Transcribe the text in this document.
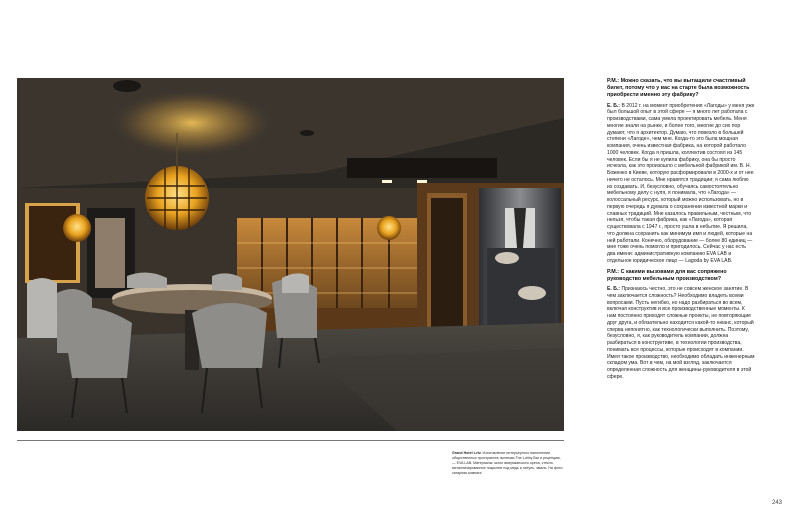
Grand Hotel Lviv. Изготовление интерьерного наполнения общественных пространств, включая The Lobby Bar и рецепцию, — EVA LAB. Материалы: шпон американского ореха, стекло, металлизированное покрытие под медь и латунь, эмаль. На фото: сигарная комната
Р.М.: Можно сказать, что вы вытащили счастливый билет, потому что у вас на старте была возможность приобрести именно эту фабрику?
Е. Б.: В 2012 г. на момент приобретения «Лагоды» у меня уже был большой опыт в этой сфере — я много лет работала с производствами, сама умела проектировать мебель. Меня многие знали на рынке, и более того, многие до сих пор думают, что я архитектор. Думаю, что повезло в большей степени «Лагоде», чем мне. Когда-то это была мощная компания, очень известная фабрика, на которой работало 1000 человек. Когда я пришла, коллектив состоял из 145 человек. Если бы я не купила фабрику, она бы просто исчезла, как это произошло с мебельной фабрикой им. В. Н. Боженко в Киеве, которую расформировали в 2000-х и от нее ничего не осталось. Мне нравятся традиции; я сама люблю их создавать. И, безусловно, обучаясь самостоятельно мебельному делу с нуля, я понимала, что «Лагода» — колоссальный ресурс, который можно использовать, но в первую очередь я думала о сохранении известной марки и славных традиций. Мне казалось правильным, честным, что нельзя, чтобы такая фабрика, как «Лагода», которая существовала с 1947 г., просто ушла в небытие. Я решила, что должна сохранить как минимум имя и людей, которые на ней работали. Конечно, оборудование — более 80 единиц — мне тоже очень помогло и пригодилось. Сейчас у нас есть два имени: административную компанию EVA LAB и отдельное юридическое лицо — Lagoda by EVA LAB.
Р.М.: С какими вызовами для вас сопряжено руководство мебельным производством?
Е. Б.: Признаюсь честно, это не совсем женское занятие. В чем заключается сложность? Необходимо владеть всеми вопросами. Пусть негибко, но надо разбираться во всем, включая конструктив и все производственные моменты. К нам постоянно приходят сложные проекты, не повторяющие друг друга, и обязательно находится какой-то нюанс, который сперва непонятно, как технологически выполнить. Поэтому, безусловно, я, как руководитель компании, должна разбираться в конструктиве, в технологии производства, понимать все процессы, которые происходят в компании. Имея такое производство, необходимо обладать инженерным складом ума. Вот в чем, на мой взгляд, заключается определенная сложность для женщины-руководителя в этой сфере.
243
